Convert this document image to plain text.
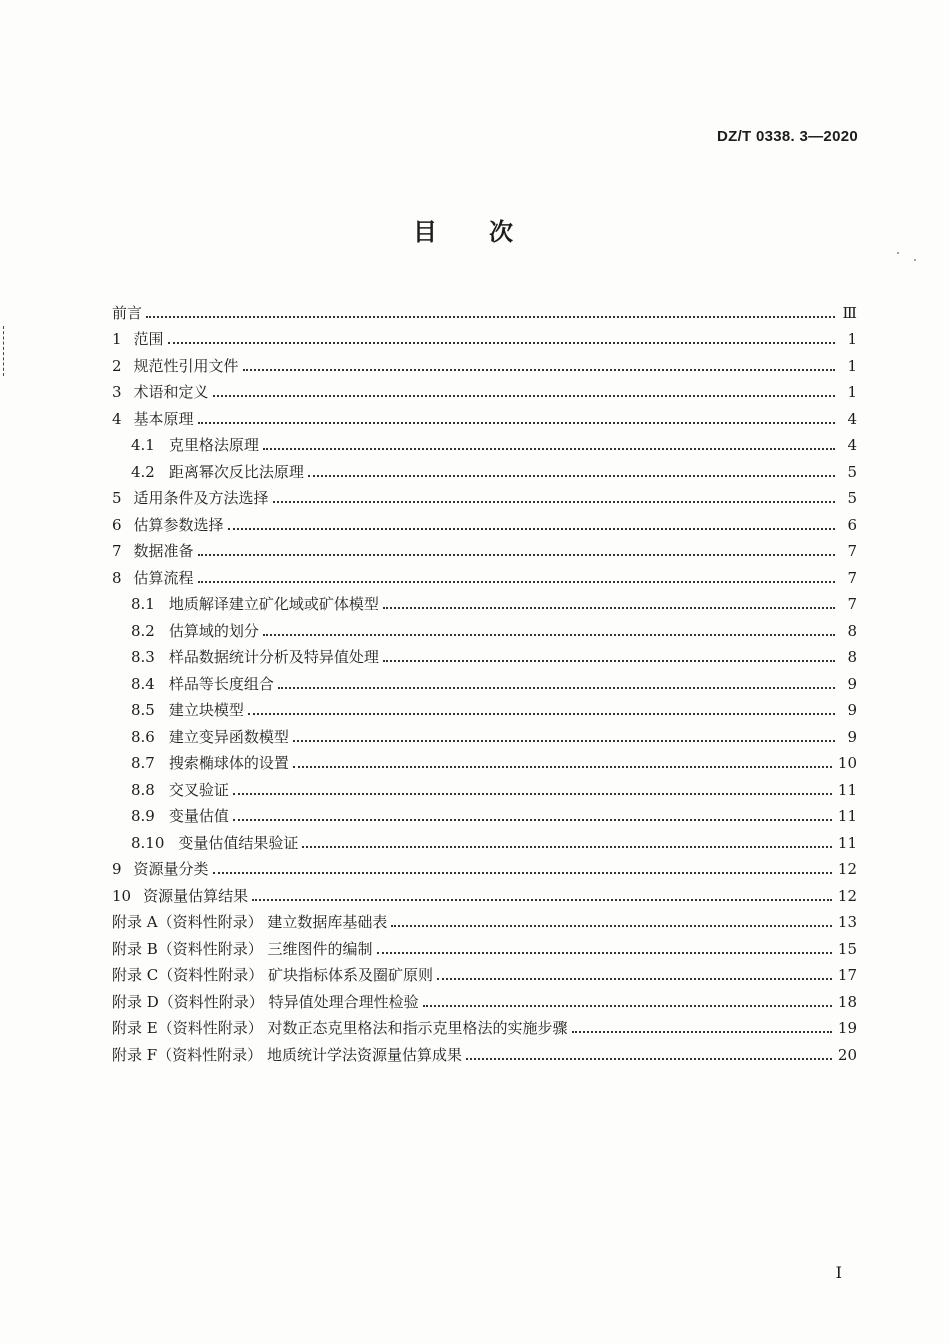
DZ/T 0338. 3—2020
目次
前言	Ⅲ
1 范围	1
2 规范性引用文件	1
3 术语和定义	1
4 基本原理	4
4.1 克里格法原理	4
4.2 距离幂次反比法原理	5
5 适用条件及方法选择	5
6 估算参数选择	6
7 数据准备	7
8 估算流程	7
8.1 地质解译建立矿化域或矿体模型	7
8.2 估算域的划分	8
8.3 样品数据统计分析及特异值处理	8
8.4 样品等长度组合	9
8.5 建立块模型	9
8.6 建立变异函数模型	9
8.7 搜索椭球体的设置	10
8.8 交叉验证	11
8.9 变量估值	11
8.10 变量估值结果验证	11
9 资源量分类	12
10 资源量估算结果	12
附录 A（资料性附录） 建立数据库基础表	13
附录 B（资料性附录） 三维图件的编制	15
附录 C（资料性附录） 矿块指标体系及圈矿原则	17
附录 D（资料性附录） 特异值处理合理性检验	18
附录 E（资料性附录） 对数正态克里格法和指示克里格法的实施步骤	19
附录 F（资料性附录） 地质统计学法资源量估算成果	20
Ⅰ
